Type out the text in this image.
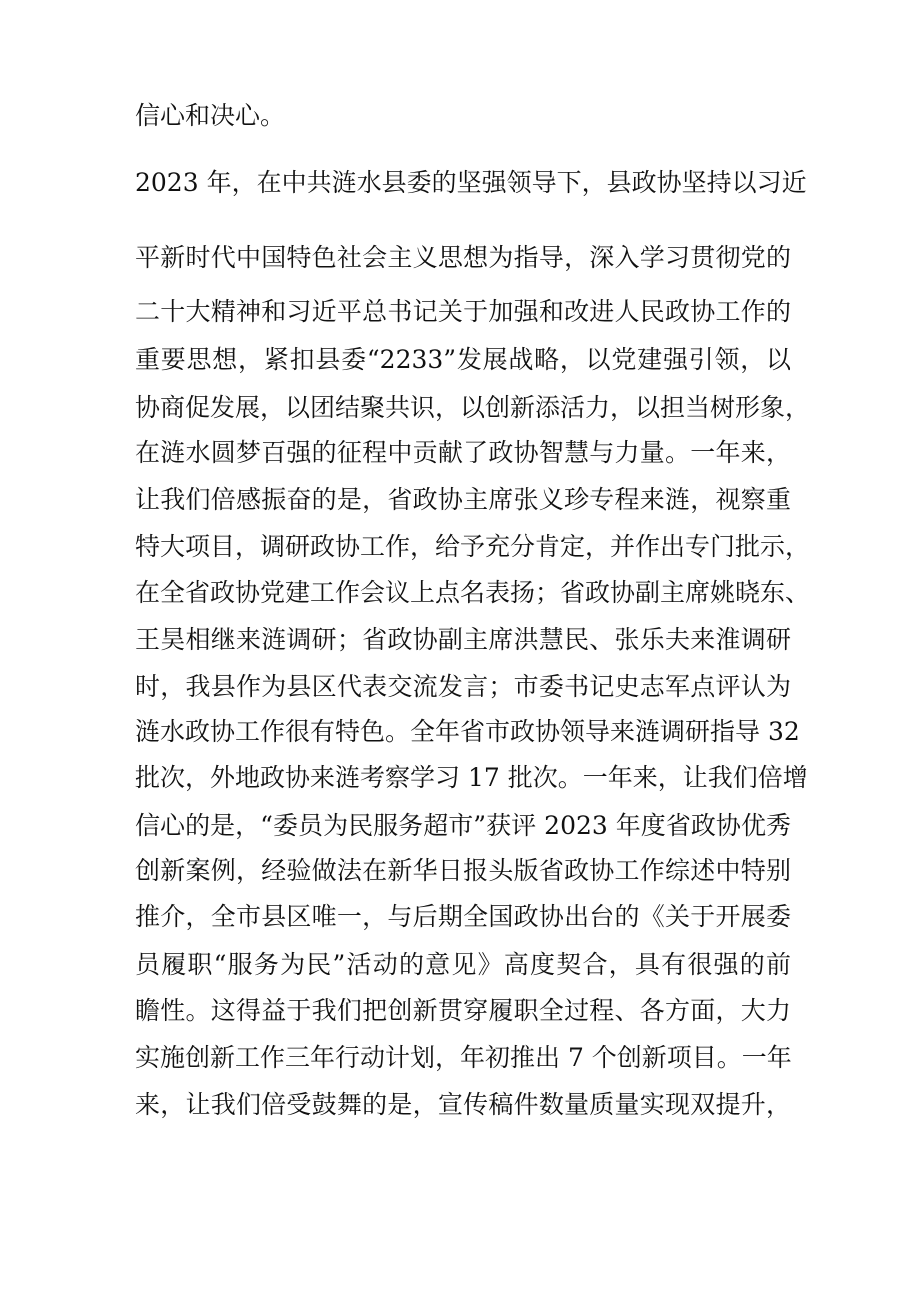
信心和决心。
2023 年，在中共涟水县委的坚强领导下，县政协坚持以习近
平新时代中国特色社会主义思想为指导，深入学习贯彻党的
二十大精神和习近平总书记关于加强和改进人民政协工作的
重要思想，紧扣县委“2233”发展战略，以党建强引领，以
协商促发展，以团结聚共识，以创新添活力，以担当树形象，
在涟水圆梦百强的征程中贡献了政协智慧与力量。一年来，
让我们倍感振奋的是，省政协主席张义珍专程来涟，视察重
特大项目，调研政协工作，给予充分肯定，并作出专门批示，
在全省政协党建工作会议上点名表扬；省政协副主席姚晓东、
王昊相继来涟调研；省政协副主席洪慧民、张乐夫来淮调研
时，我县作为县区代表交流发言；市委书记史志军点评认为
涟水政协工作很有特色。全年省市政协领导来涟调研指导 32
批次，外地政协来涟考察学习 17 批次。一年来，让我们倍增
信心的是，“委员为民服务超市”获评 2023 年度省政协优秀
创新案例，经验做法在新华日报头版省政协工作综述中特别
推介，全市县区唯一，与后期全国政协出台的《关于开展委
员履职“服务为民”活动的意见》高度契合，具有很强的前
瞻性。这得益于我们把创新贯穿履职全过程、各方面，大力
实施创新工作三年行动计划，年初推出 7 个创新项目。一年
来，让我们倍受鼓舞的是，宣传稿件数量质量实现双提升，
